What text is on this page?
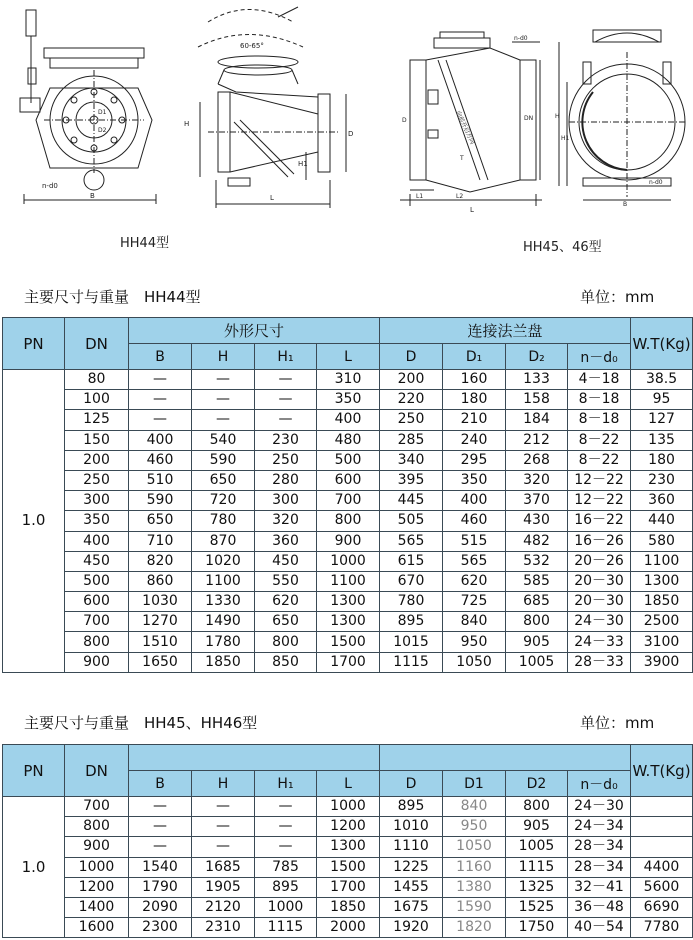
n-d0
B
D1
D2
60-65°
H
H1
D
L
向前开启方向
n-d0
D	DN
T
L1	L2
L
H
H1
n-d0
B
HH44型	HH45、46型
主要尺寸与重量　HH44型	单位：mm
PN	DN	外形尺寸				连接法兰盘				W.T(Kg)
		B	H	H₁	L	D	D₁	D₂	n－d₀	
1.0	80	—	—	—	310	200	160	133	4－18	38.5
	100	—	—	—	350	220	180	158	8－18	95
	125	—	—	—	400	250	210	184	8－18	127
	150	400	540	230	480	285	240	212	8－22	135
	200	460	590	250	500	340	295	268	8－22	180
	250	510	650	280	600	395	350	320	12－22	230
	300	590	720	300	700	445	400	370	12－22	360
	350	650	780	320	800	505	460	430	16－22	440
	400	710	870	360	900	565	515	482	16－26	580
	450	820	1020	450	1000	615	565	532	20－26	1100
	500	860	1100	550	1100	670	620	585	20－30	1300
	600	1030	1330	620	1300	780	725	685	20－30	1850
	700	1270	1490	650	1300	895	840	800	24－30	2500
	800	1510	1780	800	1500	1015	950	905	24－33	3100
	900	1650	1850	850	1700	1115	1050	1005	28－33	3900
主要尺寸与重量　HH45、HH46型	单位：mm
PN	DN									W.T(Kg)
		B	H	H₁	L	D	D1	D2	n－d₀	
1.0	700	—	—	—	1000	895	840	800	24－30	
	800	—	—	—	1200	1010	950	905	24－34	
	900	—	—	—	1300	1110	1050	1005	28－34	
	1000	1540	1685	785	1500	1225	1160	1115	28－34	4400
	1200	1790	1905	895	1700	1455	1380	1325	32－41	5600
	1400	2090	2120	1000	1850	1675	1590	1525	36－48	6690
	1600	2300	2310	1115	2000	1920	1820	1750	40－54	7780
